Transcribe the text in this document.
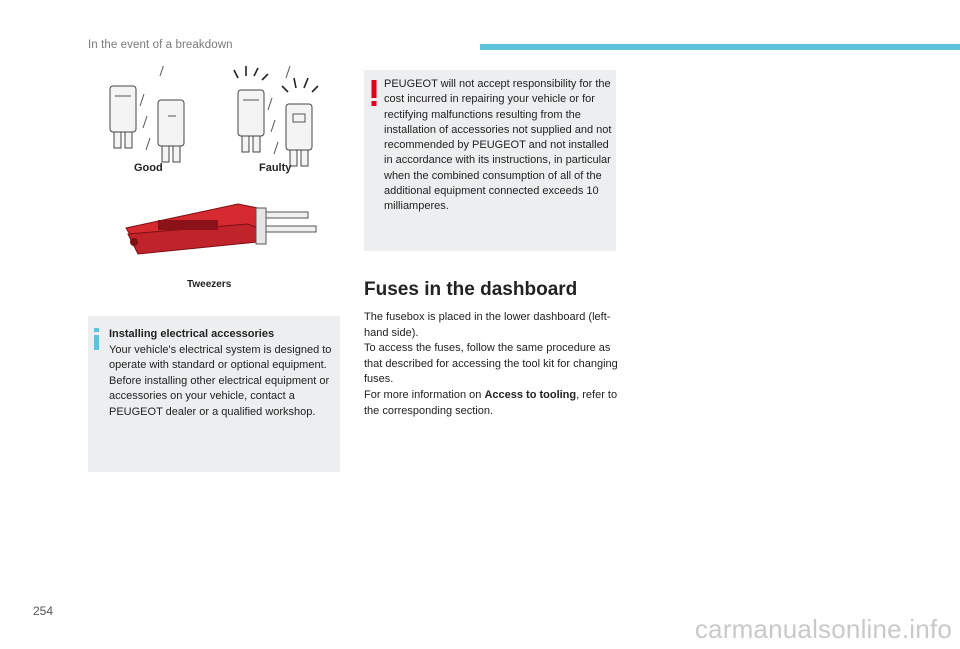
In the event of a breakdown
Good	Faulty
Tweezers
Installing electrical accessories
Your vehicle's electrical system is designed to operate with standard or optional equipment.
Before installing other electrical equipment or accessories on your vehicle, contact a PEUGEOT dealer or a qualified workshop.
PEUGEOT will not accept responsibility for the cost incurred in repairing your vehicle or for rectifying malfunctions resulting from the installation of accessories not supplied and not recommended by PEUGEOT and not installed in accordance with its instructions, in particular when the combined consumption of all of the additional equipment connected exceeds 10 milliamperes.
Fuses in the dashboard

The fusebox is placed in the lower dashboard (left-hand side).

To access the fuses, follow the same procedure as that described for accessing the tool kit for changing fuses.

For more information on Access to tooling, refer to the corresponding section.

254
carmanualsonline.info
